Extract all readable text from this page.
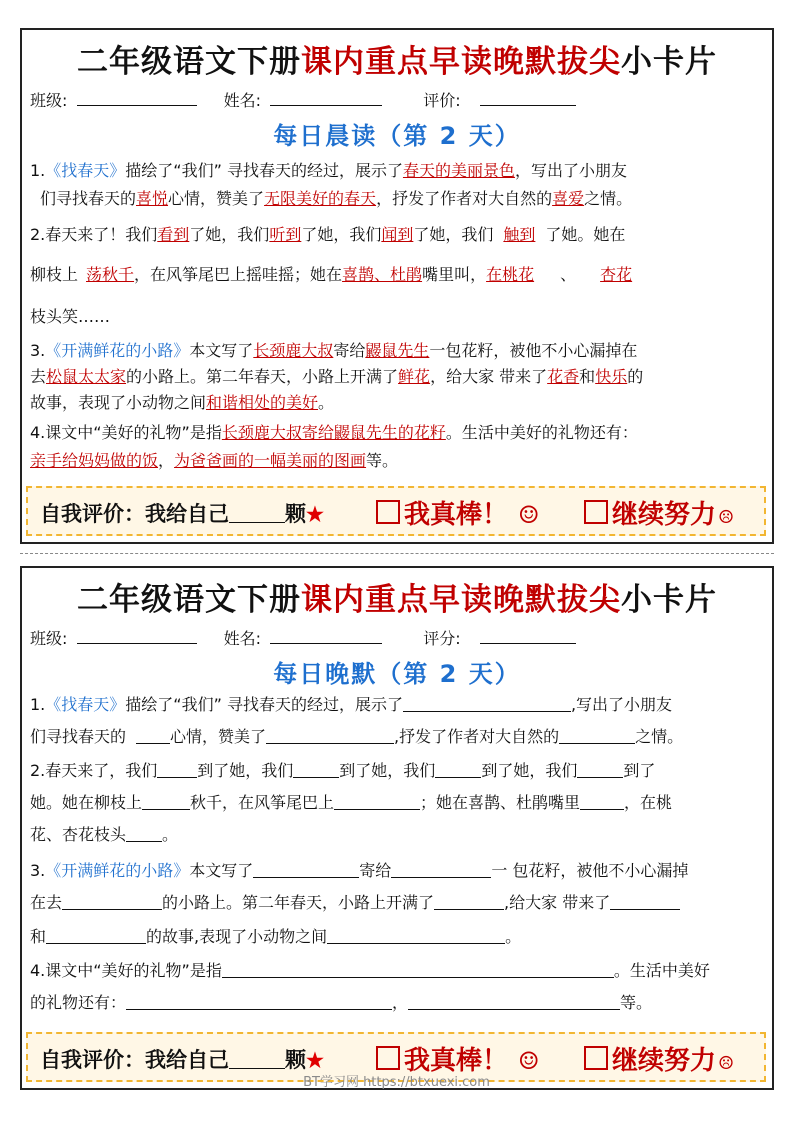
二年级语文下册课内重点早读晚默拔尖小卡片
班级:	姓名:	评价:
每日晨读（第 2 天）
1.《找春天》描绘了“我们” 寻找春天的经过，展示了春天的美丽景色，写出了小朋友
们寻找春天的喜悦心情，赞美了无限美好的春天，抒发了作者对大自然的喜爱之情。
2.春天来了！我们看到了她，我们听到了她，我们闻到了她，我们 触到 了她。她在
柳枝上 荡秋千，在风筝尾巴上摇哇摇；她在喜鹊、杜鹃嘴里叫，在桃花 、 杏花
枝头笑……
3.《开满鲜花的小路》本文写了长颈鹿大叔寄给鼹鼠先生一包花籽，被他不小心漏掉在
去松鼠太太家的小路上。第二年春天，小路上开满了鲜花，给大家 带来了花香和快乐的
故事，表现了小动物之间和谐相处的美好。
4.课文中“美好的礼物”是指长颈鹿大叔寄给鼹鼠先生的花籽。生活中美好的礼物还有：
亲手给妈妈做的饭，为爸爸画的一幅美丽的图画等。
自我评价：我给自己	颗★	我真棒！ ☺	继续努力 ☹
二年级语文下册课内重点早读晚默拔尖小卡片
班级:	姓名:	评分:
每日晚默（第 2 天）
1.《找春天》描绘了“我们” 寻找春天的经过，展示了	,写出了小朋友
们寻找春天的	心情，赞美了	,抒发了作者对大自然的	之情。
2.春天来了，我们	到了她，我们	到了她，我们	到了她，我们	到了
她。她在柳枝上	秋千，在风筝尾巴上	；她在喜鹊、杜鹃嘴里	，在桃
花、杏花枝头 。
3.《开满鲜花的小路》本文写了	寄给	一 包花籽，被他不小心漏掉
在去	的小路上。第二年春天，小路上开满了	,给大家 带来了
和	的故事,表现了小动物之间	。
4.课文中“美好的礼物”是指	。生活中美好
的礼物还有：	，	等。
自我评价：我给自己	颗★	我真棒！ ☺	继续努力 ☹
BT学习网 https://btxuexi.com
